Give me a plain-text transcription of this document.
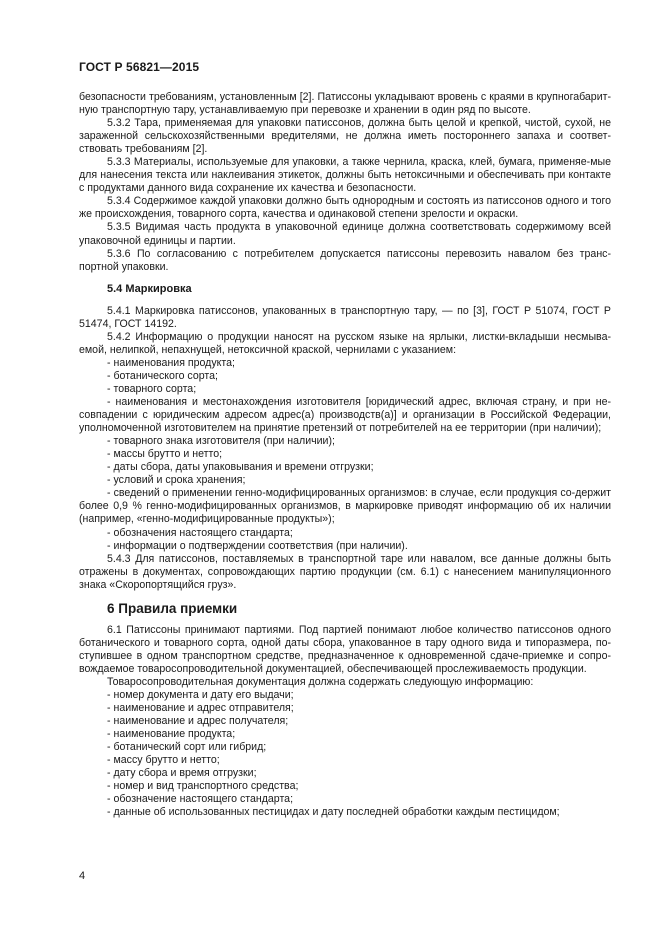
ГОСТ Р 56821—2015
безопасности требованиям, установленным [2]. Патиссоны укладывают вровень с краями в крупногабарит-ную транспортную тару, устанавливаемую при перевозке и хранении в один ряд по высоте.
5.3.2 Тара, применяемая для упаковки патиссонов, должна быть целой и крепкой, чистой, сухой, не зараженной сельскохозяйственными вредителями, не должна иметь постороннего запаха и соответ-ствовать требованиям [2].
5.3.3 Материалы, используемые для упаковки, а также чернила, краска, клей, бумага, применяе-мые для нанесения текста или наклеивания этикеток, должны быть нетоксичными и обеспечивать при контакте с продуктами данного вида сохранение их качества и безопасности.
5.3.4 Содержимое каждой упаковки должно быть однородным и состоять из патиссонов одного и того же происхождения, товарного сорта, качества и одинаковой степени зрелости и окраски.
5.3.5 Видимая часть продукта в упаковочной единице должна соответствовать содержимому всей упаковочной единицы и партии.
5.3.6 По согласованию с потребителем допускается патиссоны перевозить навалом без транс-портной упаковки.
5.4 Маркировка
5.4.1 Маркировка патиссонов, упакованных в транспортную тару, — по [3], ГОСТ Р 51074, ГОСТ Р 51474, ГОСТ 14192.
5.4.2 Информацию о продукции наносят на русском языке на ярлыки, листки-вкладыши несмыва-емой, нелипкой, непахнущей, нетоксичной краской, чернилами с указанием:
- наименования продукта;
- ботанического сорта;
- товарного сорта;
- наименования и местонахождения изготовителя [юридический адрес, включая страну, и при не-совпадении с юридическим адресом адрес(а) производств(а)] и организации в Российской Федерации, уполномоченной изготовителем на принятие претензий от потребителей на ее территории (при наличии);
- товарного знака изготовителя (при наличии);
- массы брутто и нетто;
- даты сбора, даты упаковывания и времени отгрузки;
- условий и срока хранения;
- сведений о применении генно-модифицированных организмов: в случае, если продукция со-держит более 0,9 % генно-модифицированных организмов, в маркировке приводят информацию об их наличии (например, «генно-модифицированные продукты»);
- обозначения настоящего стандарта;
- информации о подтверждении соответствия (при наличии).
5.4.3 Для патиссонов, поставляемых в транспортной таре или навалом, все данные должны быть отражены в документах, сопровождающих партию продукции (см. 6.1) с нанесением манипуляционного знака «Скоропортящийся груз».
6 Правила приемки
6.1 Патиссоны принимают партиями. Под партией понимают любое количество патиссонов одного ботанического и товарного сорта, одной даты сбора, упакованное в тару одного вида и типоразмера, по-ступившее в одном транспортном средстве, предназначенное к одновременной сдаче-приемке и сопро-вождаемое товаросопроводительной документацией, обеспечивающей прослеживаемость продукции.
Товаросопроводительная документация должна содержать следующую информацию:
- номер документа и дату его выдачи;
- наименование и адрес отправителя;
- наименование и адрес получателя;
- наименование продукта;
- ботанический сорт или гибрид;
- массу брутто и нетто;
- дату сбора и время отгрузки;
- номер и вид транспортного средства;
- обозначение настоящего стандарта;
- данные об использованных пестицидах и дату последней обработки каждым пестицидом;
4
